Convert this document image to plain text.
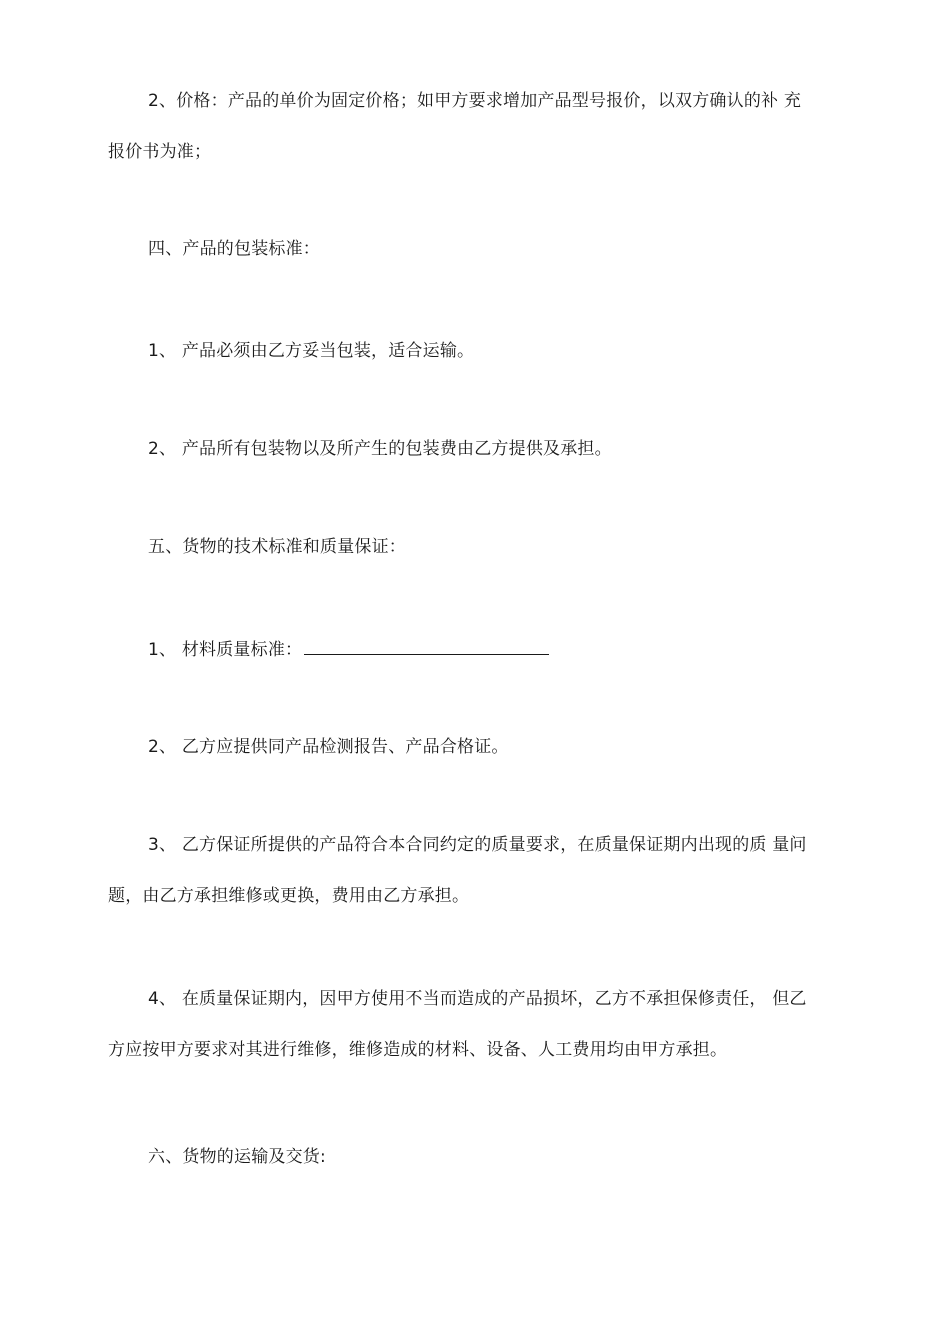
2、价格：产品的单价为固定价格；如甲方要求增加产品型号报价，以双方确认的补 充
报价书为准；
四、产品的包装标准：
1、 产品必须由乙方妥当包装，适合运输。
2、 产品所有包装物以及所产生的包装费由乙方提供及承担。
五、货物的技术标准和质量保证：
1、 材料质量标准：
2、 乙方应提供同产品检测报告、产品合格证。
3、 乙方保证所提供的产品符合本合同约定的质量要求，在质量保证期内出现的质 量问
题，由乙方承担维修或更换，费用由乙方承担。
4、 在质量保证期内，因甲方使用不当而造成的产品损坏，乙方不承担保修责任， 但乙
方应按甲方要求对其进行维修，维修造成的材料、设备、人工费用均由甲方承担。
六、货物的运输及交货:
